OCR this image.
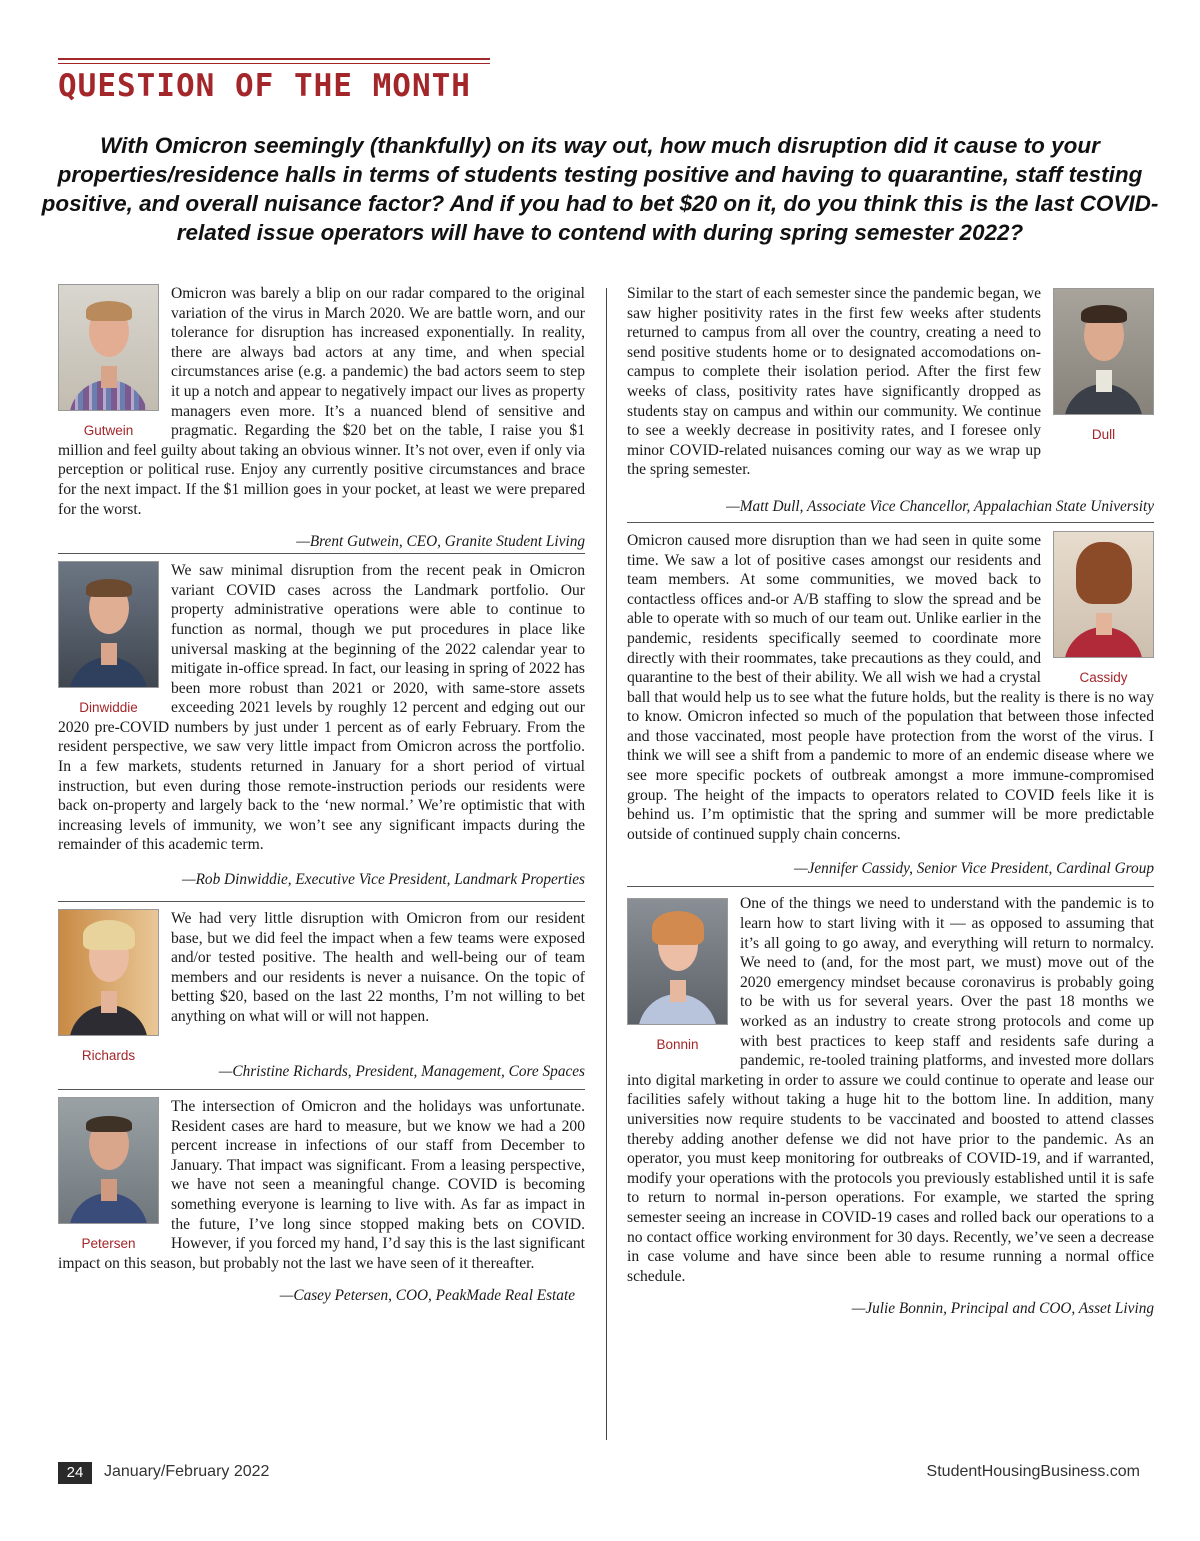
QUESTION OF THE MONTH
With Omicron seemingly (thankfully) on its way out, how much disruption did it cause to your properties/residence halls in terms of students testing positive and having to quarantine, staff testing positive, and overall nuisance factor? And if you had to bet $20 on it, do you think this is the last COVID-related issue operators will have to contend with during spring semester 2022?
Gutwein

Omicron was barely a blip on our radar compared to the original variation of the virus in March 2020. We are battle worn, and our tolerance for disruption has increased exponentially. In reality, there are always bad actors at any time, and when special circumstances arise (e.g. a pandemic) the bad actors seem to step it up a notch and appear to negatively impact our lives as property managers even more. It’s a nuanced blend of sensitive and pragmatic. Regarding the $20 bet on the table, I raise you $1 million and feel guilty about taking an obvious winner. It’s not over, even if only via perception or political ruse. Enjoy any currently positive circumstances and brace for the next impact. If the $1 million goes in your pocket, at least we were prepared for the worst.

—Brent Gutwein, CEO, Granite Student Living

Dinwiddie

We saw minimal disruption from the recent peak in Omicron variant COVID cases across the Landmark portfolio. Our property administrative operations were able to continue to function as normal, though we put procedures in place like universal masking at the beginning of the 2022 calendar year to mitigate in-office spread. In fact, our leasing in spring of 2022 has been more robust than 2021 or 2020, with same-store assets exceeding 2021 levels by roughly 12 percent and edging out our 2020 pre-COVID numbers by just under 1 percent as of early February. From the resident perspective, we saw very little impact from Omicron across the portfolio. In a few markets, students returned in January for a short period of virtual instruction, but even during those remote-instruction periods our residents were back on-property and largely back to the ‘new normal.’ We’re optimistic that with increasing levels of immunity, we won’t see any significant impacts during the remainder of this academic term.

—Rob Dinwiddie, Executive Vice President, Landmark Properties

Richards

We had very little disruption with Omicron from our resident base, but we did feel the impact when a few teams were exposed and/or tested positive. The health and well-being our of team members and our residents is never a nuisance. On the topic of betting $20, based on the last 22 months, I’m not willing to bet anything on what will or will not happen.

—Christine Richards, President, Management, Core Spaces

Petersen

The intersection of Omicron and the holidays was unfortunate. Resident cases are hard to measure, but we know we had a 200 percent increase in infections of our staff from December to January. That impact was significant. From a leasing perspective, we have not seen a meaningful change. COVID is becoming something everyone is learning to live with. As far as impact in the future, I’ve long since stopped making bets on COVID. However, if you forced my hand, I’d say this is the last significant impact on this season, but probably not the last we have seen of it thereafter.

—Casey Petersen, COO, PeakMade Real Estate

Dull

Similar to the start of each semester since the pandemic began, we saw higher positivity rates in the first few weeks after students returned to campus from all over the country, creating a need to send positive students home or to designated accomodations on-campus to complete their isolation period. After the first few weeks of class, positivity rates have significantly dropped as students stay on campus and within our community. We continue to see a weekly decrease in positivity rates, and I foresee only minor COVID-related nuisances coming our way as we wrap up the spring semester.

—Matt Dull, Associate Vice Chancellor, Appalachian State University

Cassidy

Omicron caused more disruption than we had seen in quite some time. We saw a lot of positive cases amongst our residents and team members. At some communities, we moved back to contactless offices and-or A/B staffing to slow the spread and be able to operate with so much of our team out. Unlike earlier in the pandemic, residents specifically seemed to coordinate more directly with their roommates, take precautions as they could, and quarantine to the best of their ability. We all wish we had a crystal ball that would help us to see what the future holds, but the reality is there is no way to know. Omicron infected so much of the population that between those infected and those vaccinated, most people have protection from the worst of the virus. I think we will see a shift from a pandemic to more of an endemic disease where we see more specific pockets of outbreak amongst a more immune-compromised group. The height of the impacts to operators related to COVID feels like it is behind us. I’m optimistic that the spring and summer will be more predictable outside of continued supply chain concerns.

—Jennifer Cassidy, Senior Vice President, Cardinal Group

Bonnin

One of the things we need to understand with the pandemic is to learn how to start living with it — as opposed to assuming that it’s all going to go away, and everything will return to normalcy. We need to (and, for the most part, we must) move out of the 2020 emergency mindset because coronavirus is probably going to be with us for several years. Over the past 18 months we worked as an industry to create strong protocols and come up with best practices to keep staff and residents safe during a pandemic, re-tooled training platforms, and invested more dollars into digital marketing in order to assure we could continue to operate and lease our facilities safely without taking a huge hit to the bottom line. In addition, many universities now require students to be vaccinated and boosted to attend classes thereby adding another defense we did not have prior to the pandemic. As an operator, you must keep monitoring for outbreaks of COVID-19, and if warranted, modify your operations with the protocols you previously established until it is safe to return to normal in-person operations. For example, we started the spring semester seeing an increase in COVID-19 cases and rolled back our operations to a no contact office working environment for 30 days. Recently, we’ve seen a decrease in case volume and have since been able to resume running a normal office schedule.

—Julie Bonnin, Principal and COO, Asset Living

24	January/February 2022	StudentHousingBusiness.com
